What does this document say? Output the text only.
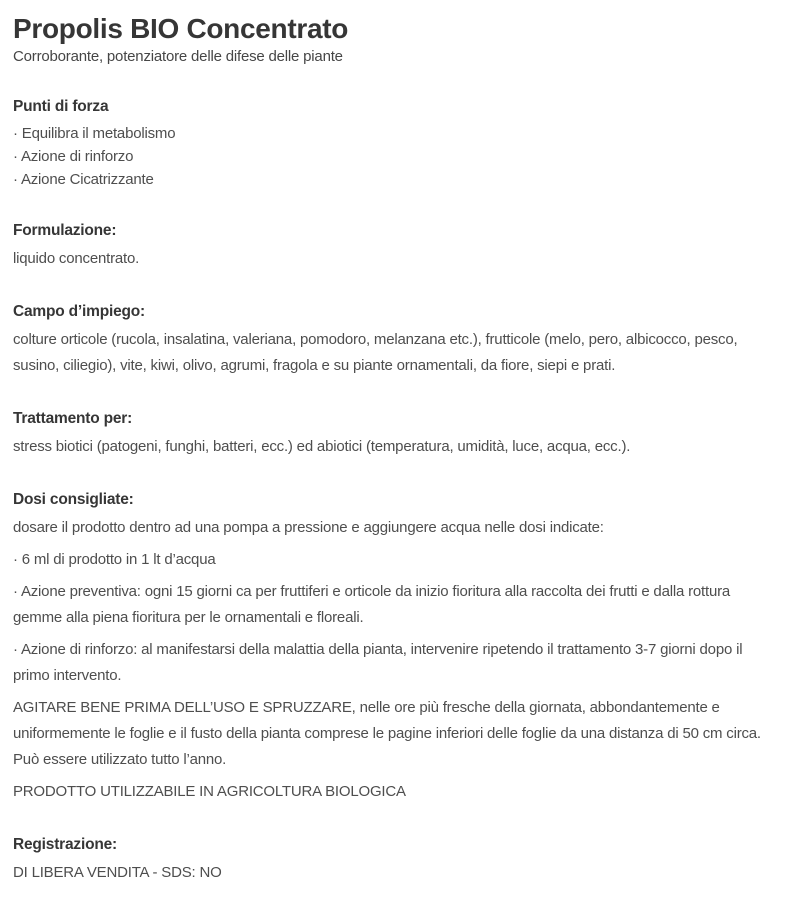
Propolis BIO Concentrato

Corroborante, potenziatore delle difese delle piante

Punti di forza

· Equilibra il metabolismo

· Azione di rinforzo

· Azione Cicatrizzante

Formulazione:

liquido concentrato.

Campo d’impiego:

colture orticole (rucola, insalatina, valeriana, pomodoro, melanzana etc.), frutticole (melo, pero, albicocco, pesco, susino, ciliegio), vite, kiwi, olivo, agrumi, fragola e su piante ornamentali, da fiore, siepi e prati.

Trattamento per:

stress biotici (patogeni, funghi, batteri, ecc.) ed abiotici (temperatura, umidità, luce, acqua, ecc.).

Dosi consigliate:

dosare il prodotto dentro ad una pompa a pressione e aggiungere acqua nelle dosi indicate:

· 6 ml di prodotto in 1 lt d’acqua

· Azione preventiva: ogni 15 giorni ca per fruttiferi e orticole da inizio fioritura alla raccolta dei frutti e dalla rottura gemme alla piena fioritura per le ornamentali e floreali.

· Azione di rinforzo: al manifestarsi della malattia della pianta, intervenire ripetendo il trattamento 3-7 giorni dopo il primo intervento.

AGITARE BENE PRIMA DELL’USO E SPRUZZARE, nelle ore più fresche della giornata, abbondantemente e uniformemente le foglie e il fusto della pianta comprese le pagine inferiori delle foglie da una distanza di 50 cm circa. Può essere utilizzato tutto l’anno.

PRODOTTO UTILIZZABILE IN AGRICOLTURA BIOLOGICA

Registrazione:

DI LIBERA VENDITA - SDS: NO
